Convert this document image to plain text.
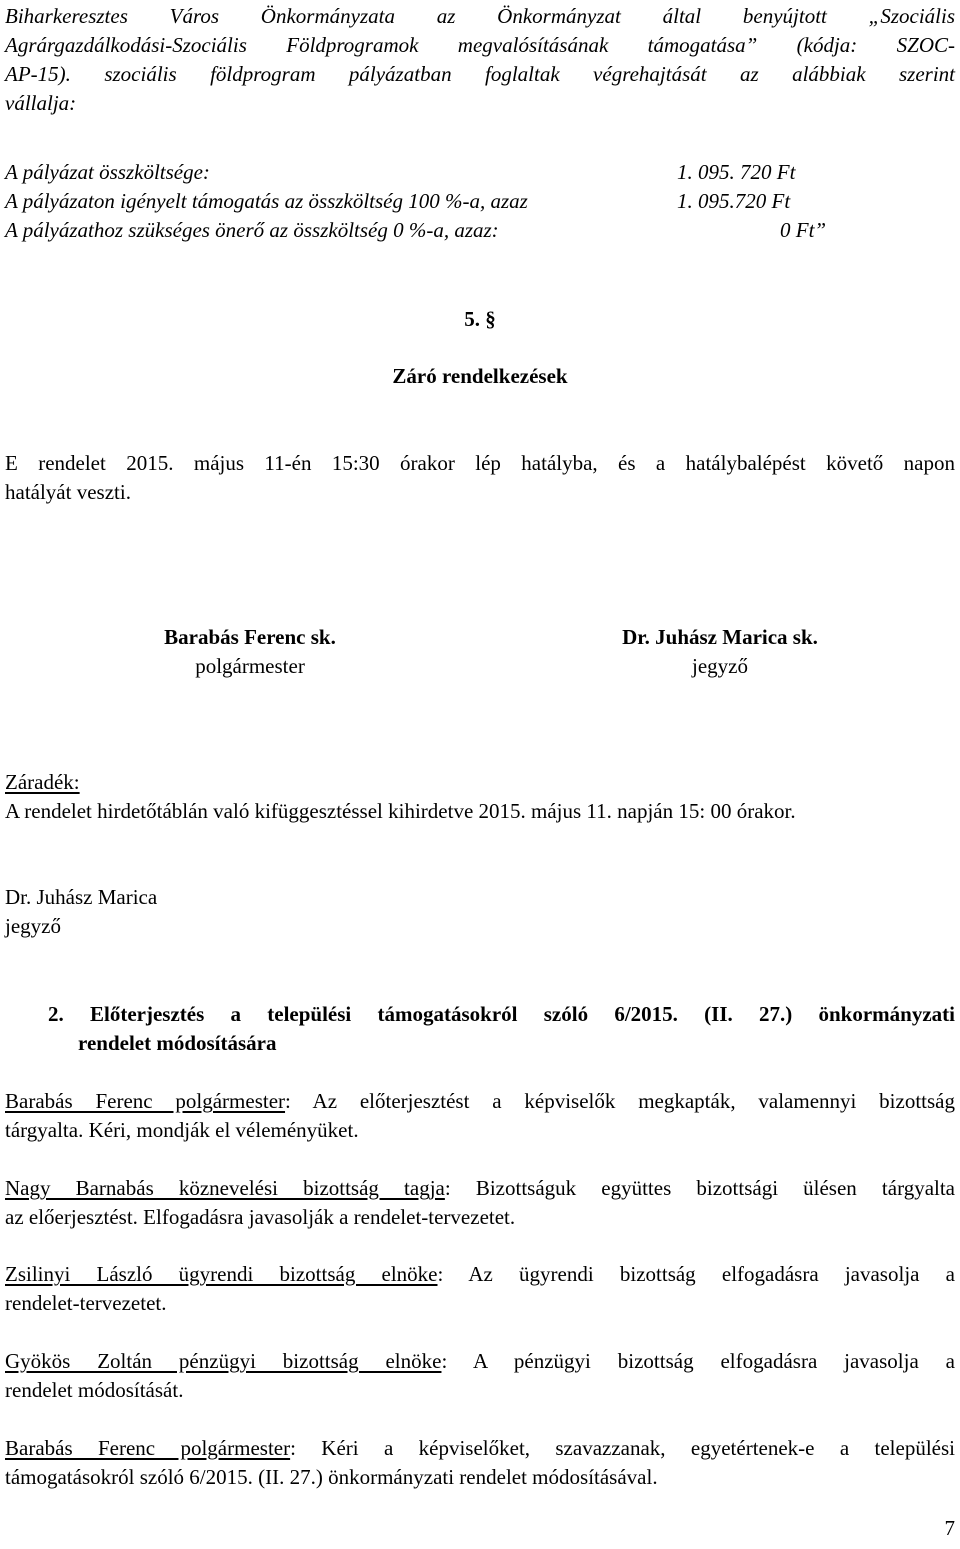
Biharkeresztes Város Önkormányzata az Önkormányzat által benyújtott „Szociális
Agrárgazdálkodási-Szociális Földprogramok megvalósításának támogatása” (kódja: SZOC-
AP-15). szociális földprogram pályázatban foglaltak végrehajtását az alábbiak szerint
vállalja:
A pályázat összköltsége:	1. 095. 720 Ft
A pályázaton igényelt támogatás az összköltség 100 %-a, azaz	1. 095.720 Ft
A pályázathoz szükséges önerő az összköltség 0 %-a, azaz:	0 Ft”
5. §
Záró rendelkezések
E rendelet 2015. május 11-én 15:30 órakor lép hatályba, és a hatálybalépést követő napon
hatályát veszti.
Barabás Ferenc sk.
polgármester
Dr. Juhász Marica sk.
jegyző
Záradék:
A rendelet hirdetőtáblán való kifüggesztéssel kihirdetve 2015. május 11. napján 15: 00 órakor.
Dr. Juhász Marica
jegyző
2. Előterjesztés a települési támogatásokról szóló 6/2015. (II. 27.) önkormányzati
rendelet módosítására
Barabás Ferenc polgármester: Az előterjesztést a képviselők megkapták, valamennyi bizottság
tárgyalta. Kéri, mondják el véleményüket.
Nagy Barnabás köznevelési bizottság tagja: Bizottságuk együttes bizottsági ülésen tárgyalta
az előerjesztést. Elfogadásra javasolják a rendelet-tervezetet.
Zsilinyi László ügyrendi bizottság elnöke: Az ügyrendi bizottság elfogadásra javasolja a
rendelet-tervezetet.
Gyökös Zoltán pénzügyi bizottság elnöke: A pénzügyi bizottság elfogadásra javasolja a
rendelet módosítását.
Barabás Ferenc polgármester: Kéri a képviselőket, szavazzanak, egyetértenek-e a települési
támogatásokról szóló 6/2015. (II. 27.) önkormányzati rendelet módosításával.
7
